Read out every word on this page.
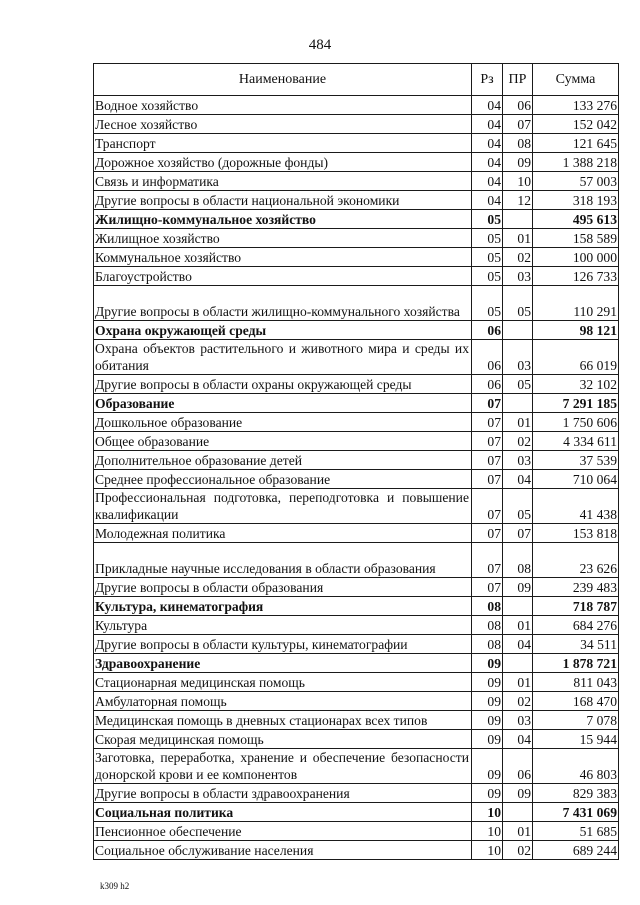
484
Наименование	Рз	ПР	Сумма
Водное хозяйство	04	06	133 276
Лесное хозяйство	04	07	152 042
Транспорт	04	08	121 645
Дорожное хозяйство (дорожные фонды)	04	09	1 388 218
Связь и информатика	04	10	57 003
Другие вопросы в области национальной экономики	04	12	318 193
Жилищно-коммунальное хозяйство	05		495 613
Жилищное хозяйство	05	01	158 589
Коммунальное хозяйство	05	02	100 000
Благоустройство	05	03	126 733
Другие вопросы в области жилищно-коммунального хозяйства	05	05	110 291
Охрана окружающей среды	06		98 121
Охрана объектов растительного и животного мира и среды их обитания	06	03	66 019
Другие вопросы в области охраны окружающей среды	06	05	32 102
Образование	07		7 291 185
Дошкольное образование	07	01	1 750 606
Общее образование	07	02	4 334 611
Дополнительное образование детей	07	03	37 539
Среднее профессиональное образование	07	04	710 064
Профессиональная подготовка, переподготовка и повышение квалификации	07	05	41 438
Молодежная политика	07	07	153 818
Прикладные научные исследования в области образования	07	08	23 626
Другие вопросы в области образования	07	09	239 483
Культура, кинематография	08		718 787
Культура	08	01	684 276
Другие вопросы в области культуры, кинематографии	08	04	34 511
Здравоохранение	09		1 878 721
Стационарная медицинская помощь	09	01	811 043
Амбулаторная помощь	09	02	168 470
Медицинская помощь в дневных стационарах всех типов	09	03	7 078
Скорая медицинская помощь	09	04	15 944
Заготовка, переработка, хранение и обеспечение безопасности донорской крови и ее компонентов	09	06	46 803
Другие вопросы в области здравоохранения	09	09	829 383
Социальная политика	10		7 431 069
Пенсионное обеспечение	10	01	51 685
Социальное обслуживание населения	10	02	689 244
k309 h2
